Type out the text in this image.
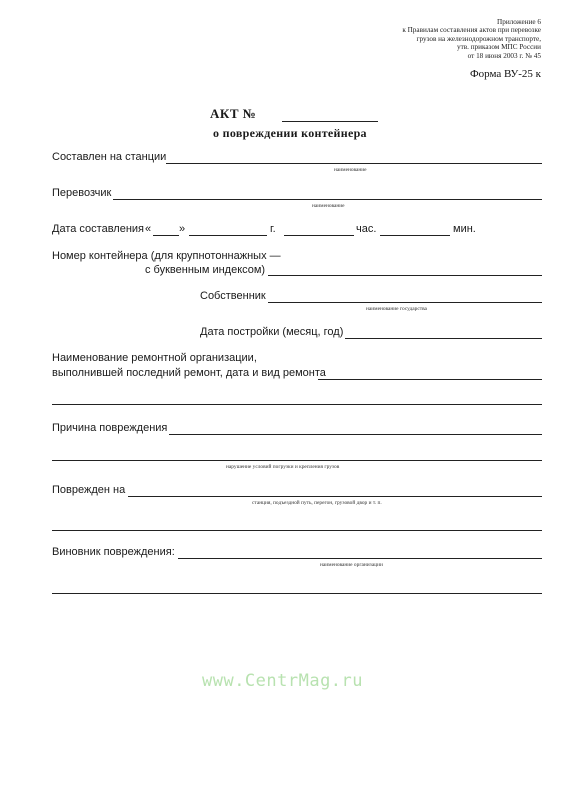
Приложение 6
к Правилам составления актов при перевозке
грузов на железнодорожном транспорте,
утв. приказом МПС России
от 18 июня 2003 г. № 45
Форма ВУ-25 к
АКТ №
о повреждении контейнера
Составлен на станции
наименование
Перевозчик
наименование
Дата составления «	»	г.	час.	мин.
Номер контейнера (для крупнотоннажных —
с буквенным индексом)
Собственник
наименование государства
Дата постройки (месяц, год)
Наименование ремонтной организации,
выполнившей последний ремонт, дата и вид ремонта
Причина повреждения
нарушение условий погрузки и крепления грузов
Поврежден на
станция, подъездной путь, перегон, грузовой двор и т. п.
Виновник повреждения:
наименование организации
www.CentrMag.ru
